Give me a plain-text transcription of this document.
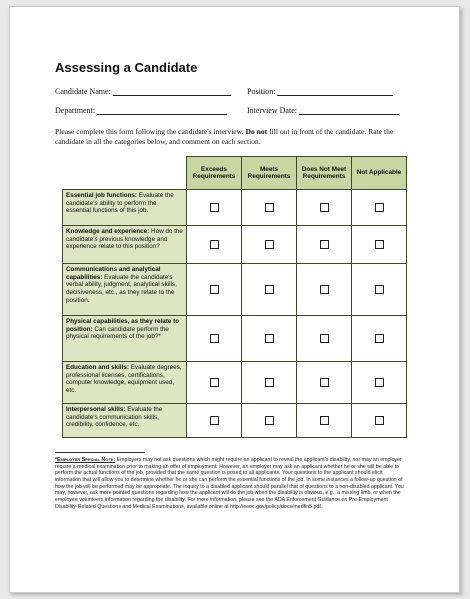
Assessing a Candidate
Candidate Name:	Position:
Department:	Interview Date:
Please complete this form following the candidate's interview. Do not fill out in front of the candidate. Rate the candidate in all the categories below, and comment on each section.
	Exceeds Requirements	Meets Requirements	Does Not Meet Requirements	Not Applicable
Essential job functions: Evaluate the candidate's ability to perform the essential functions of this job.				
Knowledge and experience: How do the candidate's previous knowledge and experience relate to this position?				
Communications and analytical capabilities: Evaluate the candidate's verbal ability, judgment, analytical skills, decisiveness, etc., as they relate to the position.				
Physical capabilities, as they relate to position: Can candidate perform the physical requirements of the job?*				
Education and skills: Evaluate degrees, professional licenses, certifications, computer knowledge, equipment used, etc.				
Interpersonal skills: Evaluate the candidate's communication skills, credibility, confidence, etc.				
*Employer Special Note: Employers may not ask questions which might require an applicant to reveal the applicant's disability, nor may an employer require a medical examination prior to making an offer of employment. However, an employer may ask an applicant whether he or she will be able to perform the actual functions of the job, provided that the same question is posed to all applicants. Your questions to the applicant should elicit information that will allow you to determine whether he or she can perform the essential functions of the job. In some instances a follow-up question of how the job will be performed may be appropriate. The inquiry to a disabled applicant should parallel that of questions to a non-disabled applicant. You may, however, ask more pointed questions regarding how the applicant will do the job when the disability is obvious, e.g., a missing limb, or when the employee volunteers information regarding the disability. For more information, please see the ADA Enforcement Guidance on Pre-Employment Disability-Related Questions and Medical Examinations, available online at http://eeoc.gov/policy/docs/medfin5.pdf.
